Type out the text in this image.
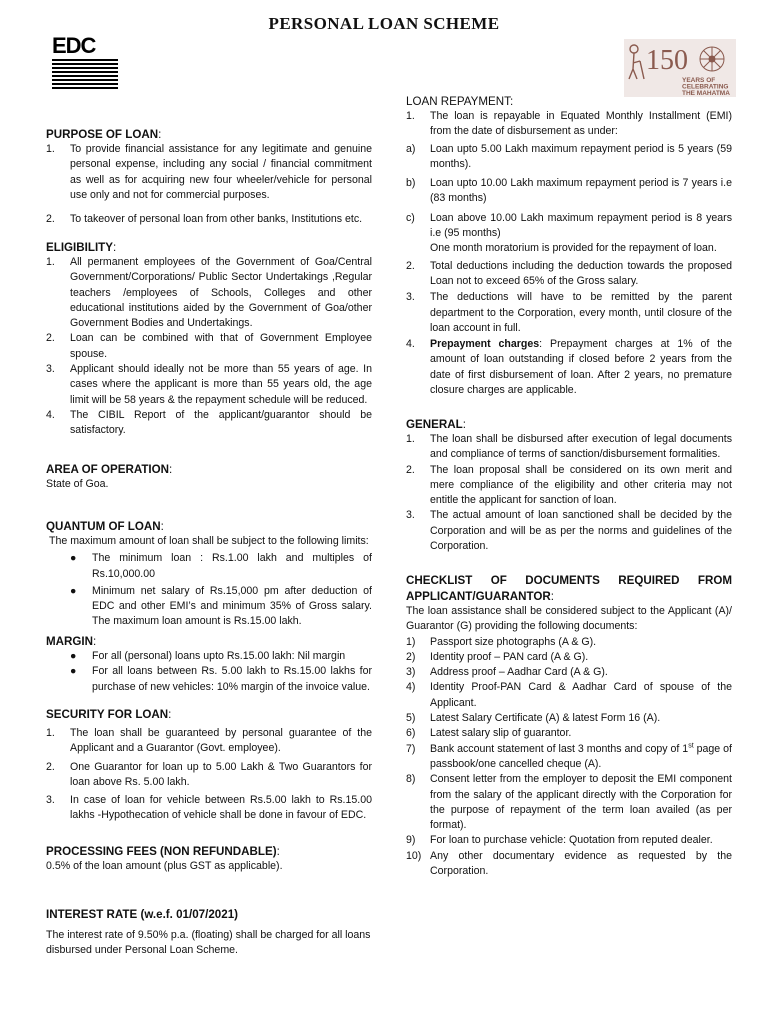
PERSONAL LOAN SCHEME
EDC	150
YEARS OF
CELEBRATING
THE MAHATMA
PURPOSE OF LOAN:
1. To provide financial assistance for any legitimate and genuine personal expense, including any social / financial commitment as well as for acquiring new four wheeler/vehicle for personal use only and not for commercial purposes.
2. To takeover of personal loan from other banks, Institutions etc.
ELIGIBILITY:
1. All permanent employees of the Government of Goa/Central Government/Corporations/ Public Sector Undertakings ,Regular teachers /employees of Schools, Colleges and other educational institutions aided by the Government of Goa/other Government Bodies and Undertakings.
2. Loan can be combined with that of Government Employee spouse.
3. Applicant should ideally not be more than 55 years of age. In cases where the applicant is more than 55 years old, the age limit will be 58 years & the repayment schedule will be reduced.
4. The CIBIL Report of the applicant/guarantor should be satisfactory.
AREA OF OPERATION:
State of Goa.
QUANTUM OF LOAN:
The maximum amount of loan shall be subject to the following limits:
● The minimum loan : Rs.1.00 lakh and multiples of Rs.10,000.00
● Minimum net salary of Rs.15,000 pm after deduction of EDC and other EMI’s and minimum 35% of Gross salary. The maximum loan amount is Rs.15.00 lakh.
MARGIN:
● For all (personal) loans upto Rs.15.00 lakh: Nil margin
● For all loans between Rs. 5.00 lakh to Rs.15.00 lakhs for purchase of new vehicles: 10% margin of the invoice value.
SECURITY FOR LOAN:
1. The loan shall be guaranteed by personal guarantee of the Applicant and a Guarantor (Govt. employee).
2. One Guarantor for loan up to 5.00 Lakh & Two Guarantors for loan above Rs. 5.00 lakh.
3. In case of loan for vehicle between Rs.5.00 lakh to Rs.15.00 lakhs -Hypothecation of vehicle shall be done in favour of EDC.
PROCESSING FEES (NON REFUNDABLE):
0.5% of the loan amount (plus GST as applicable).
INTEREST RATE (w.e.f. 01/07/2021)
The interest rate of 9.50% p.a. (floating) shall be charged for all loans disbursed under Personal Loan Scheme.
LOAN REPAYMENT:
1. The loan is repayable in Equated Monthly Installment (EMI) from the date of disbursement as under:
a) Loan upto 5.00 Lakh maximum repayment period is 5 years (59 months).
b) Loan upto 10.00 Lakh maximum repayment period is 7 years i.e (83 months)
c) Loan above 10.00 Lakh maximum repayment period is 8 years i.e (95 months)
One month moratorium is provided for the repayment of loan.
2. Total deductions including the deduction towards the proposed Loan not to exceed 65% of the Gross salary.
3. The deductions will have to be remitted by the parent department to the Corporation, every month, until closure of the loan account in full.
4. Prepayment charges: Prepayment charges at 1% of the amount of loan outstanding if closed before 2 years from the date of first disbursement of loan. After 2 years, no premature closure charges are applicable.
GENERAL:
1. The loan shall be disbursed after execution of legal documents and compliance of terms of sanction/disbursement formalities.
2. The loan proposal shall be considered on its own merit and mere compliance of the eligibility and other criteria may not entitle the applicant for sanction of loan.
3. The actual amount of loan sanctioned shall be decided by the Corporation and will be as per the norms and guidelines of the Corporation.
CHECKLIST OF DOCUMENTS REQUIRED FROM APPLICANT/GUARANTOR:
The loan assistance shall be considered subject to the Applicant (A)/ Guarantor (G) providing the following documents:
1) Passport size photographs (A & G).
2) Identity proof – PAN card (A & G).
3) Address proof – Aadhar Card (A & G).
4) Identity Proof-PAN Card & Aadhar Card of spouse of the Applicant.
5) Latest Salary Certificate (A) & latest Form 16 (A).
6) Latest salary slip of guarantor.
7) Bank account statement of last 3 months and copy of 1st page of passbook/one cancelled cheque (A).
8) Consent letter from the employer to deposit the EMI component from the salary of the applicant directly with the Corporation for the purpose of repayment of the term loan availed (as per format).
9) For loan to purchase vehicle: Quotation from reputed dealer.
10) Any other documentary evidence as requested by the Corporation.
